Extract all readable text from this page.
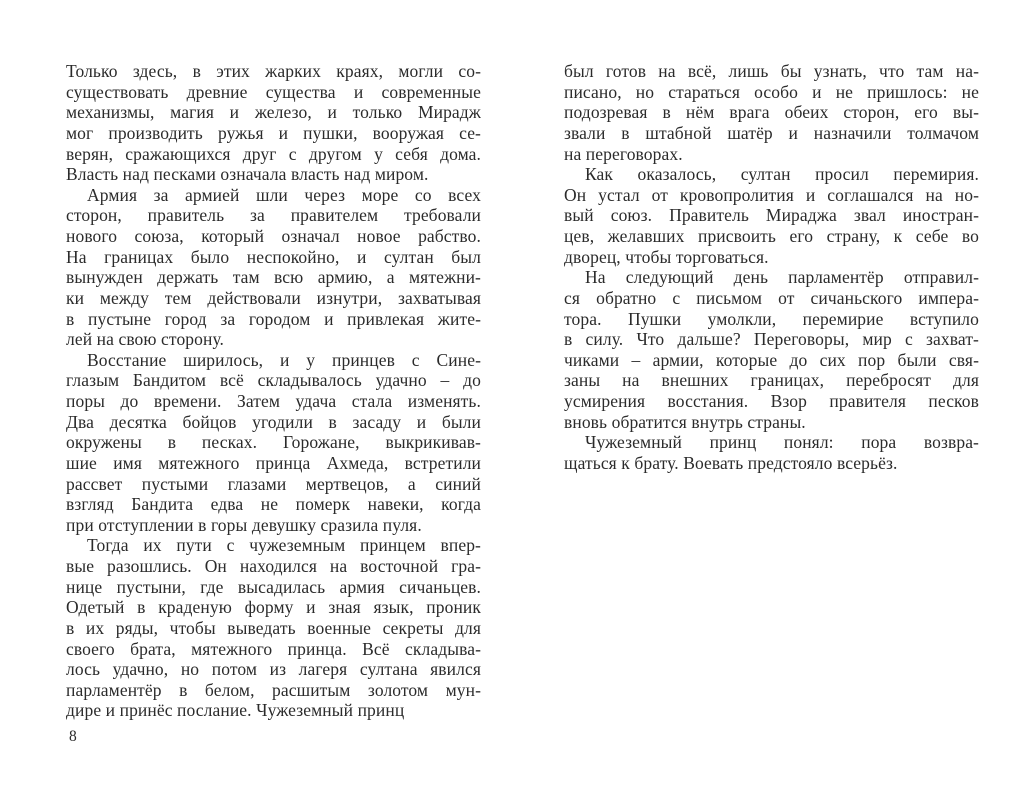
Только здесь, в этих жарких краях, могли со-
существовать древние существа и современные
механизмы, магия и железо, и только Мирадж
мог производить ружья и пушки, вооружая се-
верян, сражающихся друг с другом у себя дома.
Власть над песками означала власть над миром.
Армия за армией шли через море со всех
сторон, правитель за правителем требовали
нового союза, который означал новое рабство.
На границах было неспокойно, и султан был
вынужден держать там всю армию, а мятежни-
ки между тем действовали изнутри, захватывая
в пустыне город за городом и привлекая жите-
лей на свою сторону.
Восстание ширилось, и у принцев с Сине-
глазым Бандитом всё складывалось удачно – до
поры до времени. Затем удача стала изменять.
Два десятка бойцов угодили в засаду и были
окружены в песках. Горожане, выкрикивав-
шие имя мятежного принца Ахмеда, встретили
рассвет пустыми глазами мертвецов, а синий
взгляд Бандита едва не померк навеки, когда
при отступлении в горы девушку сразила пуля.
Тогда их пути с чужеземным принцем впер-
вые разошлись. Он находился на восточной гра-
нице пустыни, где высадилась армия сичаньцев.
Одетый в краденую форму и зная язык, проник
в их ряды, чтобы выведать военные секреты для
своего брата, мятежного принца. Всё складыва-
лось удачно, но потом из лагеря султана явился
парламентёр в белом, расшитым золотом мун-
дире и принёс послание. Чужеземный принц
был готов на всё, лишь бы узнать, что там на-
писано, но стараться особо и не пришлось: не
подозревая в нём врага обеих сторон, его вы-
звали в штабной шатёр и назначили толмачом
на переговорах.
Как оказалось, султан просил перемирия.
Он устал от кровопролития и соглашался на но-
вый союз. Правитель Мираджа звал иностран-
цев, желавших присвоить его страну, к себе во
дворец, чтобы торговаться.
На следующий день парламентёр отправил-
ся обратно с письмом от сичаньского импера-
тора. Пушки умолкли, перемирие вступило
в силу. Что дальше? Переговоры, мир с захват-
чиками – армии, которые до сих пор были свя-
заны на внешних границах, перебросят для
усмирения восстания. Взор правителя песков
вновь обратится внутрь страны.
Чужеземный принц понял: пора возвра-
щаться к брату. Воевать предстояло всерьёз.
8
